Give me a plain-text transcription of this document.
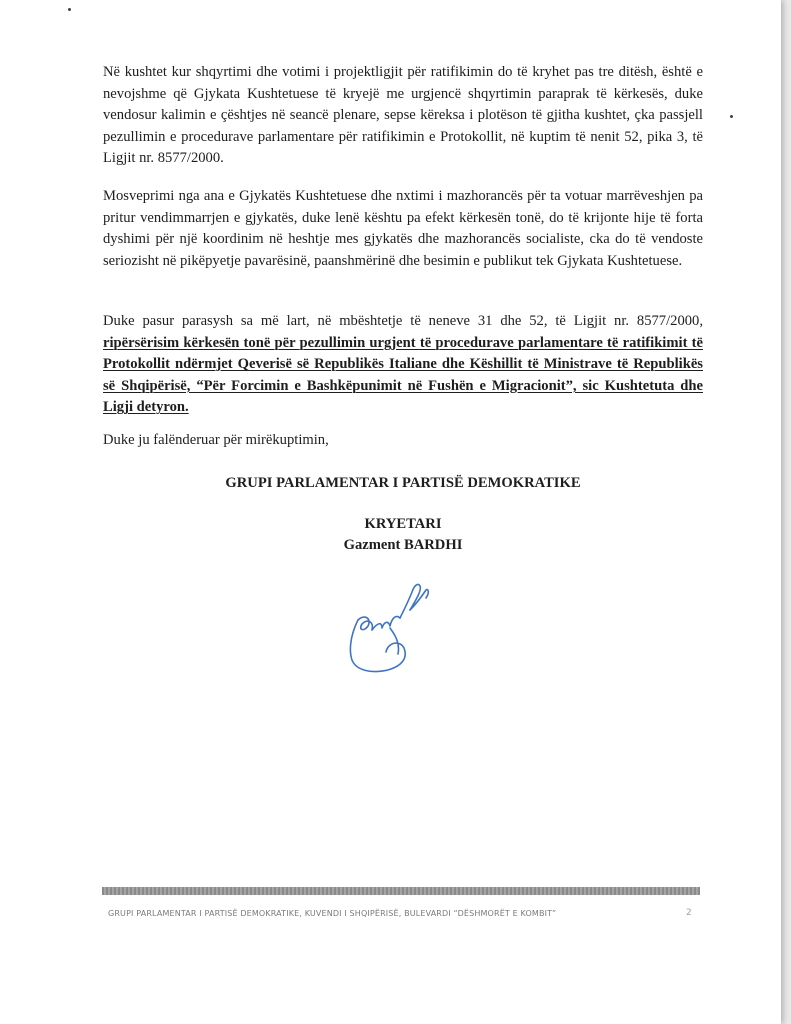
Në kushtet kur shqyrtimi dhe votimi i projektligjit për ratifikimin do të kryhet pas tre ditësh, është e nevojshme që Gjykata Kushtetuese të kryejë me urgjencë shqyrtimin paraprak të kërkesës, duke vendosur kalimin e çështjes në seancë plenare, sepse këreksa i plotëson të gjitha kushtet, çka passjell pezullimin e procedurave parlamentare për ratifikimin e Protokollit, në kuptim të nenit 52, pika 3, të Ligjit nr. 8577/2000.

Mosveprimi nga ana e Gjykatës Kushtetuese dhe nxtimi i mazhorancës për ta votuar marrëveshjen pa pritur vendimmarrjen e gjykatës, duke lenë kështu pa efekt kërkesën tonë, do të krijonte hije të forta dyshimi për një koordinim në heshtje mes gjykatës dhe mazhorancës socialiste, cka do të vendoste seriozisht në pikëpyetje pavarësinë, paanshmërinë dhe besimin e publikut tek Gjykata Kushtetuese.

Duke pasur parasysh sa më lart, në mbështetje të neneve 31 dhe 52, të Ligjit nr. 8577/2000, ripërsërisim kërkesën tonë për pezullimin urgjent të procedurave parlamentare të ratifikimit të Protokollit ndërmjet Qeverisë së Republikës Italiane dhe Këshillit të Ministrave të Republikës së Shqipërisë, “Për Forcimin e Bashkëpunimit në Fushën e Migracionit”, sic Kushtetuta dhe Ligji detyron.

Duke ju falënderuar për mirëkuptimin,

GRUPI PARLAMENTAR I PARTISË DEMOKRATIKE

KRYETARI

Gazment BARDHI

GRUPI PARLAMENTAR I PARTISË DEMOKRATIKE, KUVENDI I SHQIPËRISË, BULEVARDI “DËSHMORËT E KOMBIT”	2
